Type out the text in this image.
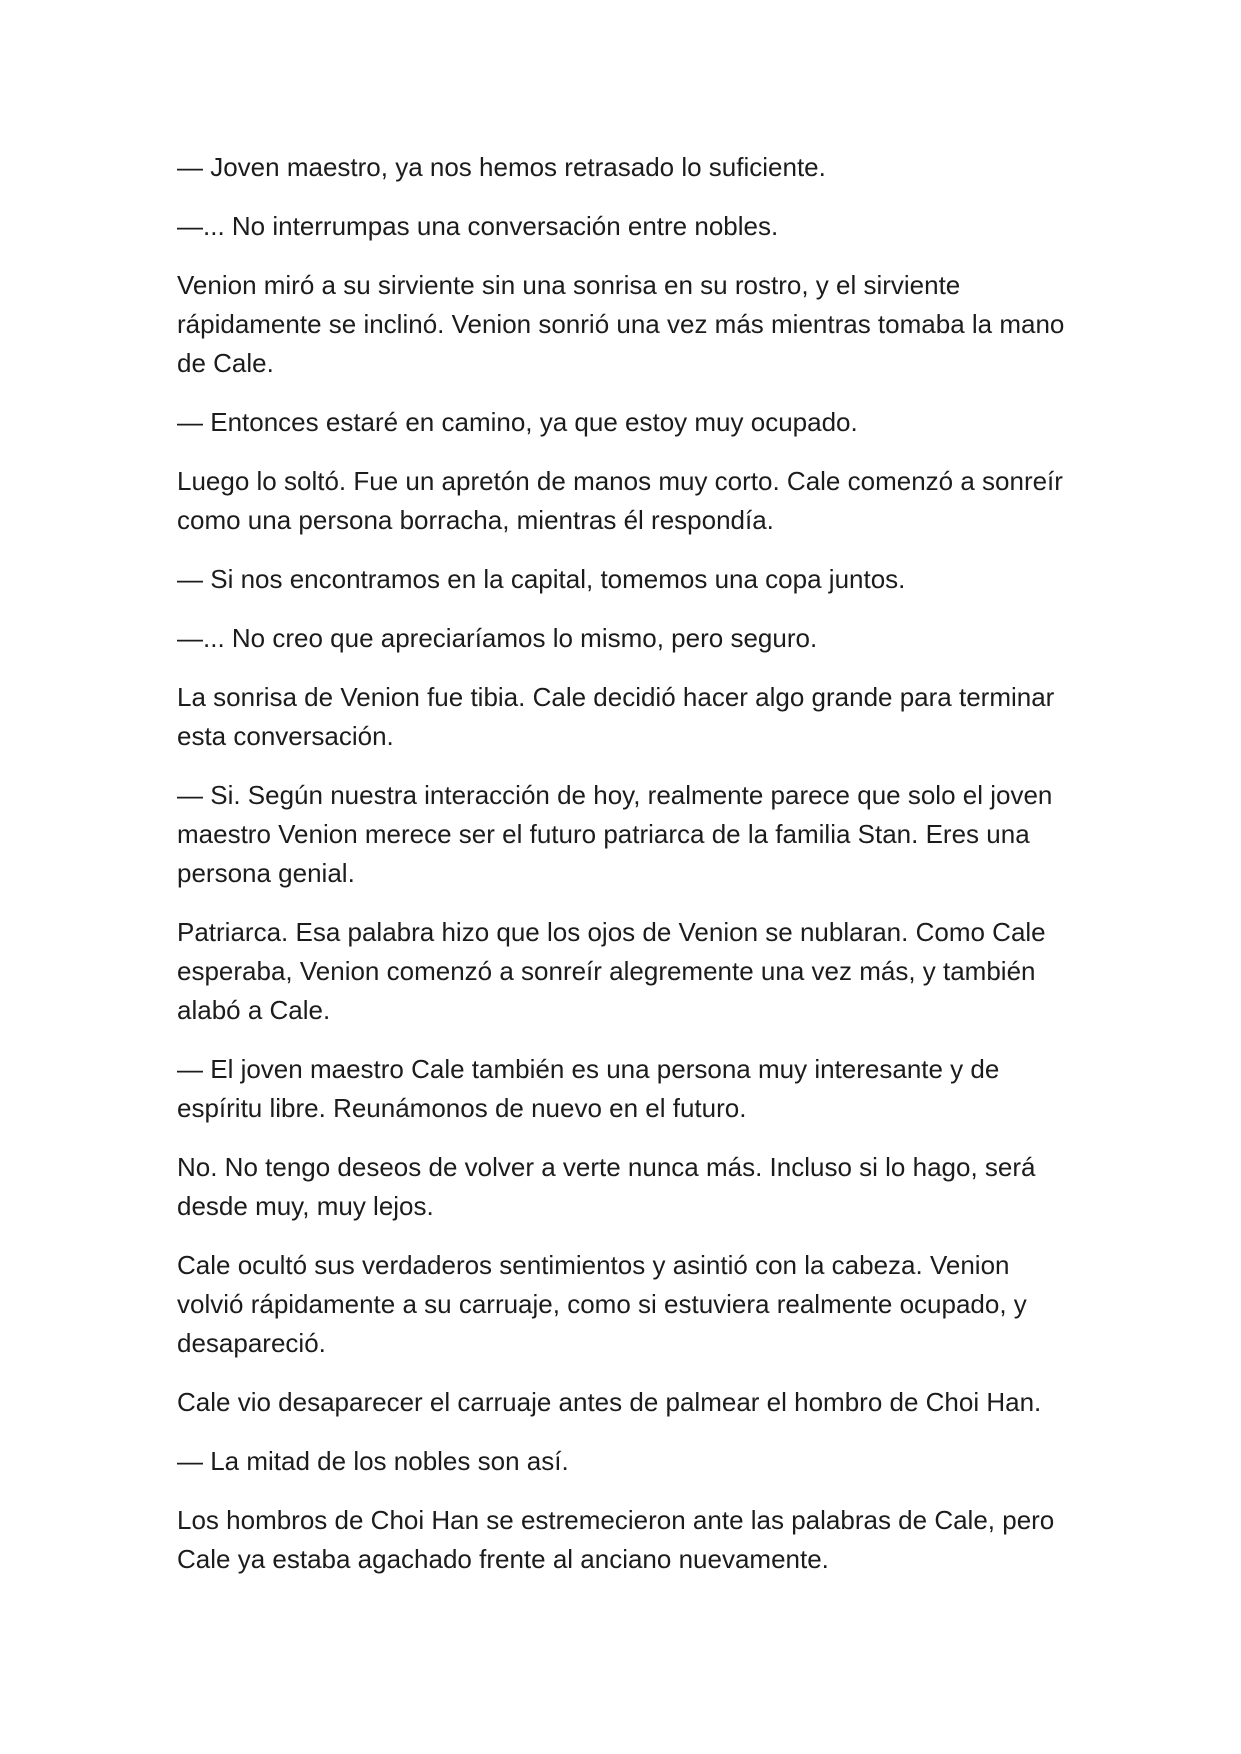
— Joven maestro, ya nos hemos retrasado lo suficiente.

—... No interrumpas una conversación entre nobles.

Venion miró a su sirviente sin una sonrisa en su rostro, y el sirviente rápidamente se inclinó. Venion sonrió una vez más mientras tomaba la mano de Cale.

— Entonces estaré en camino, ya que estoy muy ocupado.

Luego lo soltó. Fue un apretón de manos muy corto. Cale comenzó a sonreír como una persona borracha, mientras él respondía.

— Si nos encontramos en la capital, tomemos una copa juntos.

—... No creo que apreciaríamos lo mismo, pero seguro.

La sonrisa de Venion fue tibia. Cale decidió hacer algo grande para terminar esta conversación.

— Si. Según nuestra interacción de hoy, realmente parece que solo el joven maestro Venion merece ser el futuro patriarca de la familia Stan. Eres una persona genial.

Patriarca. Esa palabra hizo que los ojos de Venion se nublaran. Como Cale esperaba, Venion comenzó a sonreír alegremente una vez más, y también alabó a Cale.

— El joven maestro Cale también es una persona muy interesante y de espíritu libre. Reunámonos de nuevo en el futuro.

No. No tengo deseos de volver a verte nunca más. Incluso si lo hago, será desde muy, muy lejos.

Cale ocultó sus verdaderos sentimientos y asintió con la cabeza. Venion volvió rápidamente a su carruaje, como si estuviera realmente ocupado, y desapareció.

Cale vio desaparecer el carruaje antes de palmear el hombro de Choi Han.

— La mitad de los nobles son así.

Los hombros de Choi Han se estremecieron ante las palabras de Cale, pero Cale ya estaba agachado frente al anciano nuevamente.
